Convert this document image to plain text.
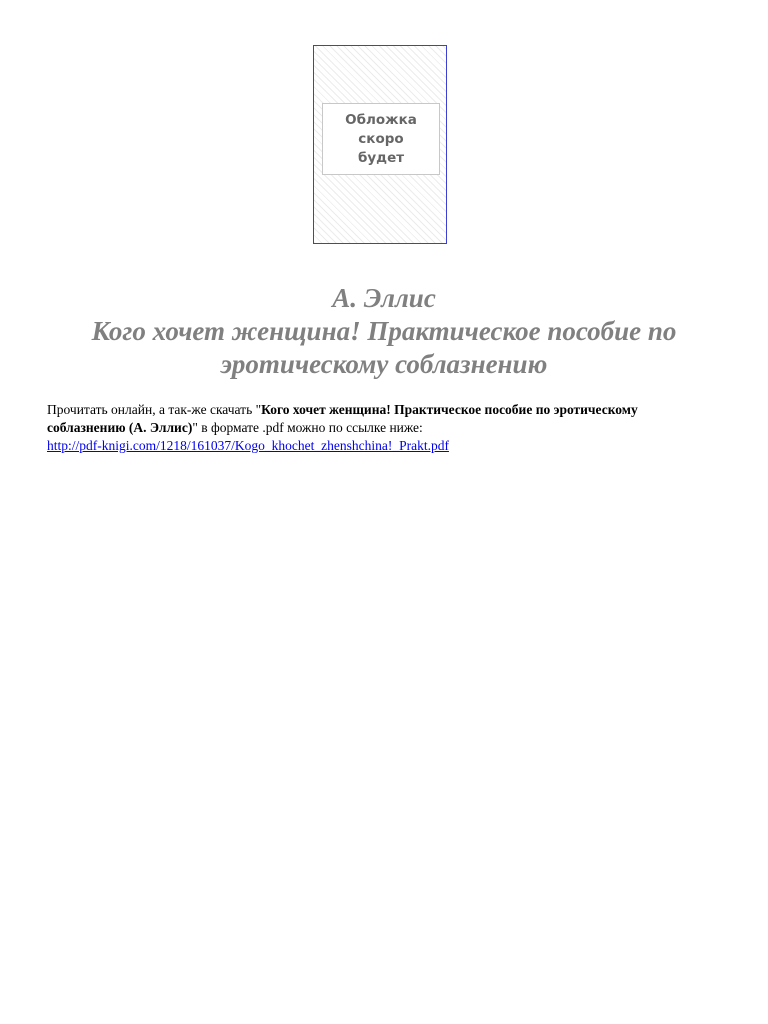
Обложка
скоро
будет
А. Эллис
Кого хочет женщина! Практическое пособие по эротическому соблазнению
Прочитать онлайн, а так-же скачать "Кого хочет женщина! Практическое пособие по эротическому соблазнению (А. Эллис)" в формате .pdf можно по ссылке ниже:
http://pdf-knigi.com/1218/161037/Kogo_khochet_zhenshchina!_Prakt.pdf
